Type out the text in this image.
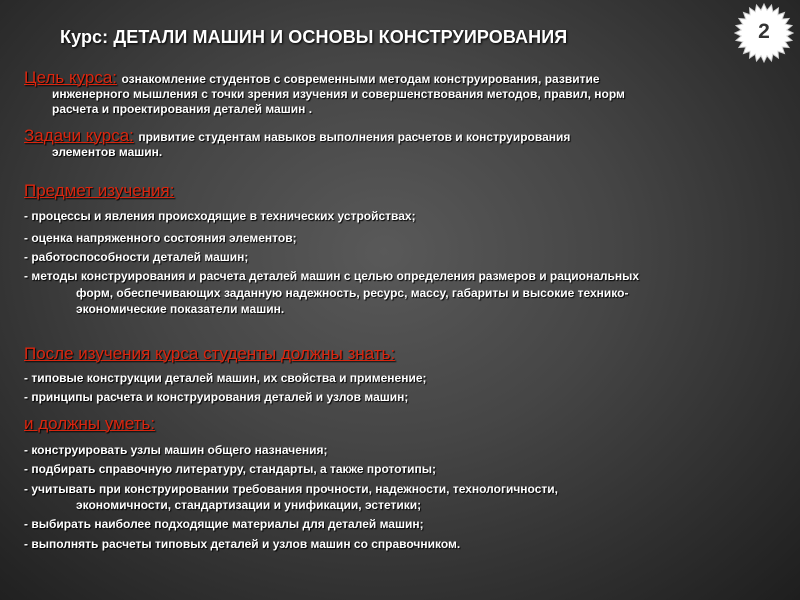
Курс: ДЕТАЛИ МАШИН И ОСНОВЫ КОНСТРУИРОВАНИЯ	2
Цель курса: ознакомление студентов с современными методам конструирования, развитие
инженерного мышления с точки зрения изучения и совершенствования методов, правил, норм
расчета и проектирования деталей машин .
Задачи курса: привитие студентам навыков выполнения расчетов и конструирования
элементов машин.
Предмет изучения:
- процессы и явления происходящие в технических устройствах;
- оценка напряженного состояния элементов;
- работоспособности деталей машин;
- методы конструирования и расчета деталей машин с целью определения размеров и рациональных
форм, обеспечивающих заданную надежность, ресурс, массу, габариты и высокие технико-
экономические показатели машин.
После изучения курса студенты должны знать:
- типовые конструкции деталей машин, их свойства и применение;
- принципы расчета и конструирования деталей и узлов машин;
и должны уметь:
- конструировать узлы машин общего назначения;
- подбирать справочную литературу, стандарты, а также прототипы;
- учитывать при конструировании требования прочности, надежности, технологичности,
экономичности, стандартизации и унификации, эстетики;
- выбирать наиболее подходящие материалы для деталей машин;
- выполнять расчеты типовых деталей и узлов машин со справочником.
